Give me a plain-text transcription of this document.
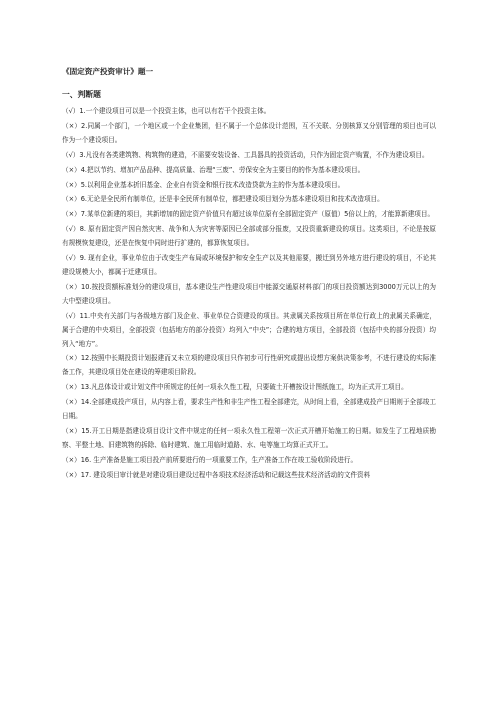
《固定资产投资审计》题一
一、判断题
（√）1.一个建设项目可以是一个投资主体，也可以有若干个投资主体。
（×）2.同属一个部门，一个地区或一个企业集团，但不属于一个总体设计范围，互不关联、分别核算又分别管理的项目也可以作为一个建设项目。
（√）3.凡没有各类建筑物、构筑物的建造，不需要安装设备、工具器具的投资活动，只作为固定资产购置，不作为建设项目。
（×）4.把以节约、增加产品品种、提高质量、治理“三废”、劳保安全为主要目的的作为基本建设项目。
（×）5.以利用企业基本折旧基金、企业自有资金和银行技术改造贷款为主的作为基本建设项目。
（×）6.无论是全民所有制单位，还是非全民所有制单位，都把建设项目划分为基本建设项目和技术改造项目。
（×）7.某单位新建的项目，其新增加的固定资产价值只有超过该单位原有全部固定资产（原值）5倍以上的，才能算新建项目。
（√）8. 原有固定资产因自然灾害、战争和人为灾害等原因已全部或部分报废，又投资重新建设的项目。这类项目，不论是按原有规模恢复建设，还是在恢复中同时进行扩建的，都算恢复项目。
（√）9. 现有企业，事业单位由于改变生产布局或环境保护和安全生产以及其他需要，搬迁到另外地方进行建设的项目，不论其建设规模大小，都属于迁建项目。
（×）10.按投资额标准划分的建设项目，基本建设生产性建设项目中能源交通原材料部门的项目投资额达到3000万元以上的为大中型建设项目。
（√）11.中央有关部门与各级地方部门及企业、事业单位合资建设的项目。其隶属关系按项目所在单位行政上的隶属关系确定，属于合建的中央项目，全部投资（包括地方的部分投资）均列入“中央”；合建的地方项目，全部投资（包括中央的部分投资）均列入“地方”。
（×）12.按照中长期投资计划报建而又未立项的建设项目只作初步可行性研究或提出设想方案供决策参考，不进行建设的实际准备工作，其建设项目处在建设的筹建项目阶段。
（×）13.凡总体设计或计划文件中所规定的任何一项永久性工程，只要破土开槽按设计图纸施工，均为正式开工项目。
（×）14.全部建成投产项目，从内容上看，要求生产性和非生产性工程全部建完，从时间上看，全部建成投产日期则于全部竣工日期。
（×）15.开工日期是指建设项目设计文件中规定的任何一项永久性工程第一次正式开槽开始施工的日期。如发生了工程地质勘察、平整土地、旧建筑物的拆除、临时建筑、施工用临时道路、水、电等施工均算正式开工。
（×）16. 生产准备是施工项目投产前所要进行的一项重要工作，生产准备工作在竣工验收阶段进行。
（×）17. 建设项目审计就是对建设项目建设过程中各项技术经济活动和记载这些技术经济活动的文件资料
